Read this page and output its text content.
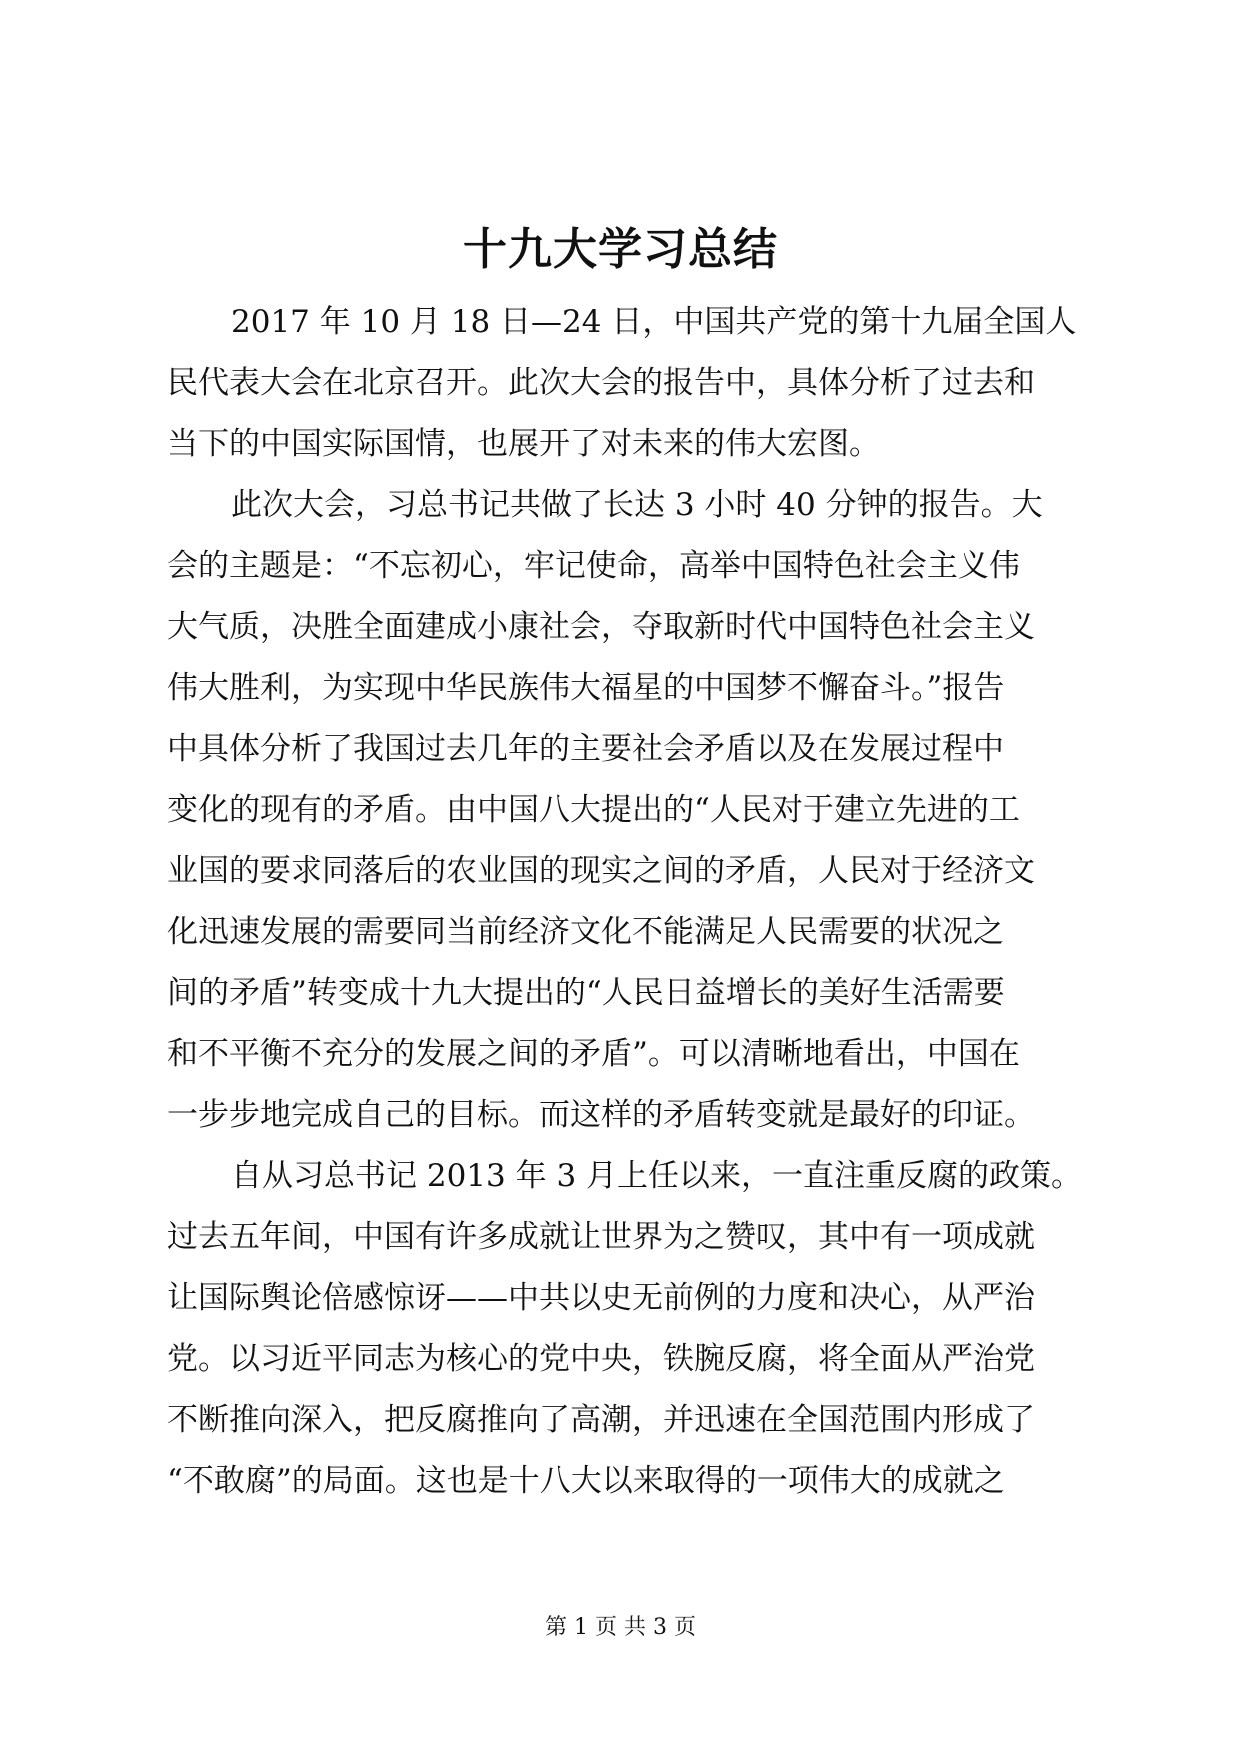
十九大学习总结
2017 年 10 月 18 日—24 日，中国共产党的第十九届全国人
民代表大会在北京召开。此次大会的报告中，具体分析了过去和
当下的中国实际国情，也展开了对未来的伟大宏图。
此次大会，习总书记共做了长达 3 小时 40 分钟的报告。大
会的主题是：“不忘初心，牢记使命，高举中国特色社会主义伟
大气质，决胜全面建成小康社会，夺取新时代中国特色社会主义
伟大胜利，为实现中华民族伟大福星的中国梦不懈奋斗。”报告
中具体分析了我国过去几年的主要社会矛盾以及在发展过程中
变化的现有的矛盾。由中国八大提出的“人民对于建立先进的工
业国的要求同落后的农业国的现实之间的矛盾，人民对于经济文
化迅速发展的需要同当前经济文化不能满足人民需要的状况之
间的矛盾”转变成十九大提出的“人民日益增长的美好生活需要
和不平衡不充分的发展之间的矛盾”。可以清晰地看出，中国在
一步步地完成自己的目标。而这样的矛盾转变就是最好的印证。
自从习总书记 2013 年 3 月上任以来，一直注重反腐的政策。
过去五年间，中国有许多成就让世界为之赞叹，其中有一项成就
让国际舆论倍感惊讶——中共以史无前例的力度和决心，从严治
党。以习近平同志为核心的党中央，铁腕反腐，将全面从严治党
不断推向深入，把反腐推向了高潮，并迅速在全国范围内形成了
“不敢腐”的局面。这也是十八大以来取得的一项伟大的成就之
第 1 页 共 3 页
